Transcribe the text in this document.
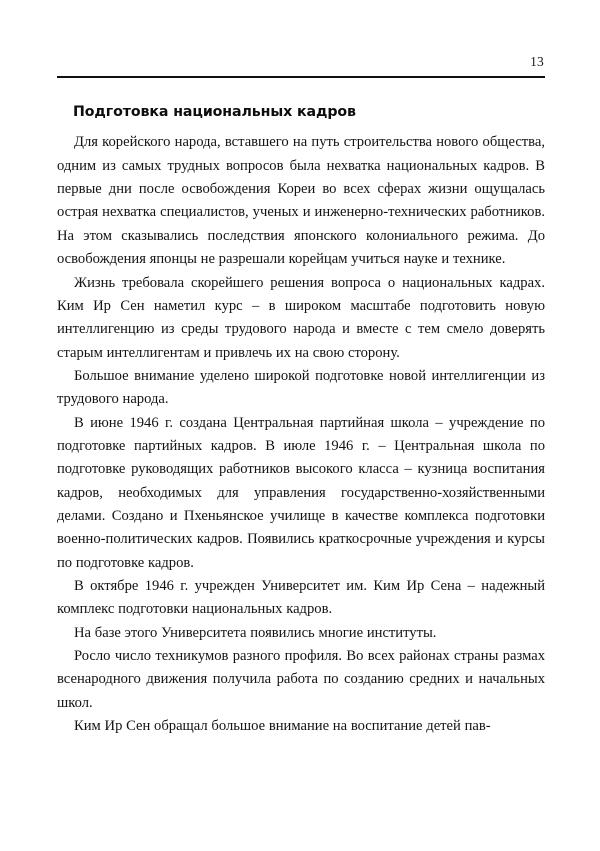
13
Подготовка национальных кадров

Для корейского народа, вставшего на путь строительства нового общества, одним из самых трудных вопросов была нехватка национальных кадров. В первые дни после освобождения Кореи во всех сферах жизни ощущалась острая нехватка специалистов, ученых и инженерно-технических работников. На этом сказывались последствия японского колониального режима. До освобождения японцы не разрешали корейцам учиться науке и технике.

Жизнь требовала скорейшего решения вопроса о национальных кадрах. Ким Ир Сен наметил курс – в широком масштабе подготовить новую интеллигенцию из среды трудового народа и вместе с тем смело доверять старым интеллигентам и привлечь их на свою сторону.

Большое внимание уделено широкой подготовке новой интеллигенции из трудового народа.

В июне 1946 г. создана Центральная партийная школа – учреждение по подготовке партийных кадров. В июле 1946 г. – Центральная школа по подготовке руководящих работников высокого класса – кузница воспитания кадров, необходимых для управления государственно-хозяйственными делами. Создано и Пхеньянское училище в качестве комплекса подготовки военно-политических кадров. Появились краткосрочные учреждения и курсы по подготовке кадров.

В октябре 1946 г. учрежден Университет им. Ким Ир Сена – надежный комплекс подготовки национальных кадров.

На базе этого Университета появились многие институты.

Росло число техникумов разного профиля. Во всех районах страны размах всенародного движения получила работа по созданию средних и начальных школ.

Ким Ир Сен обращал большое внимание на воспитание детей пав-
